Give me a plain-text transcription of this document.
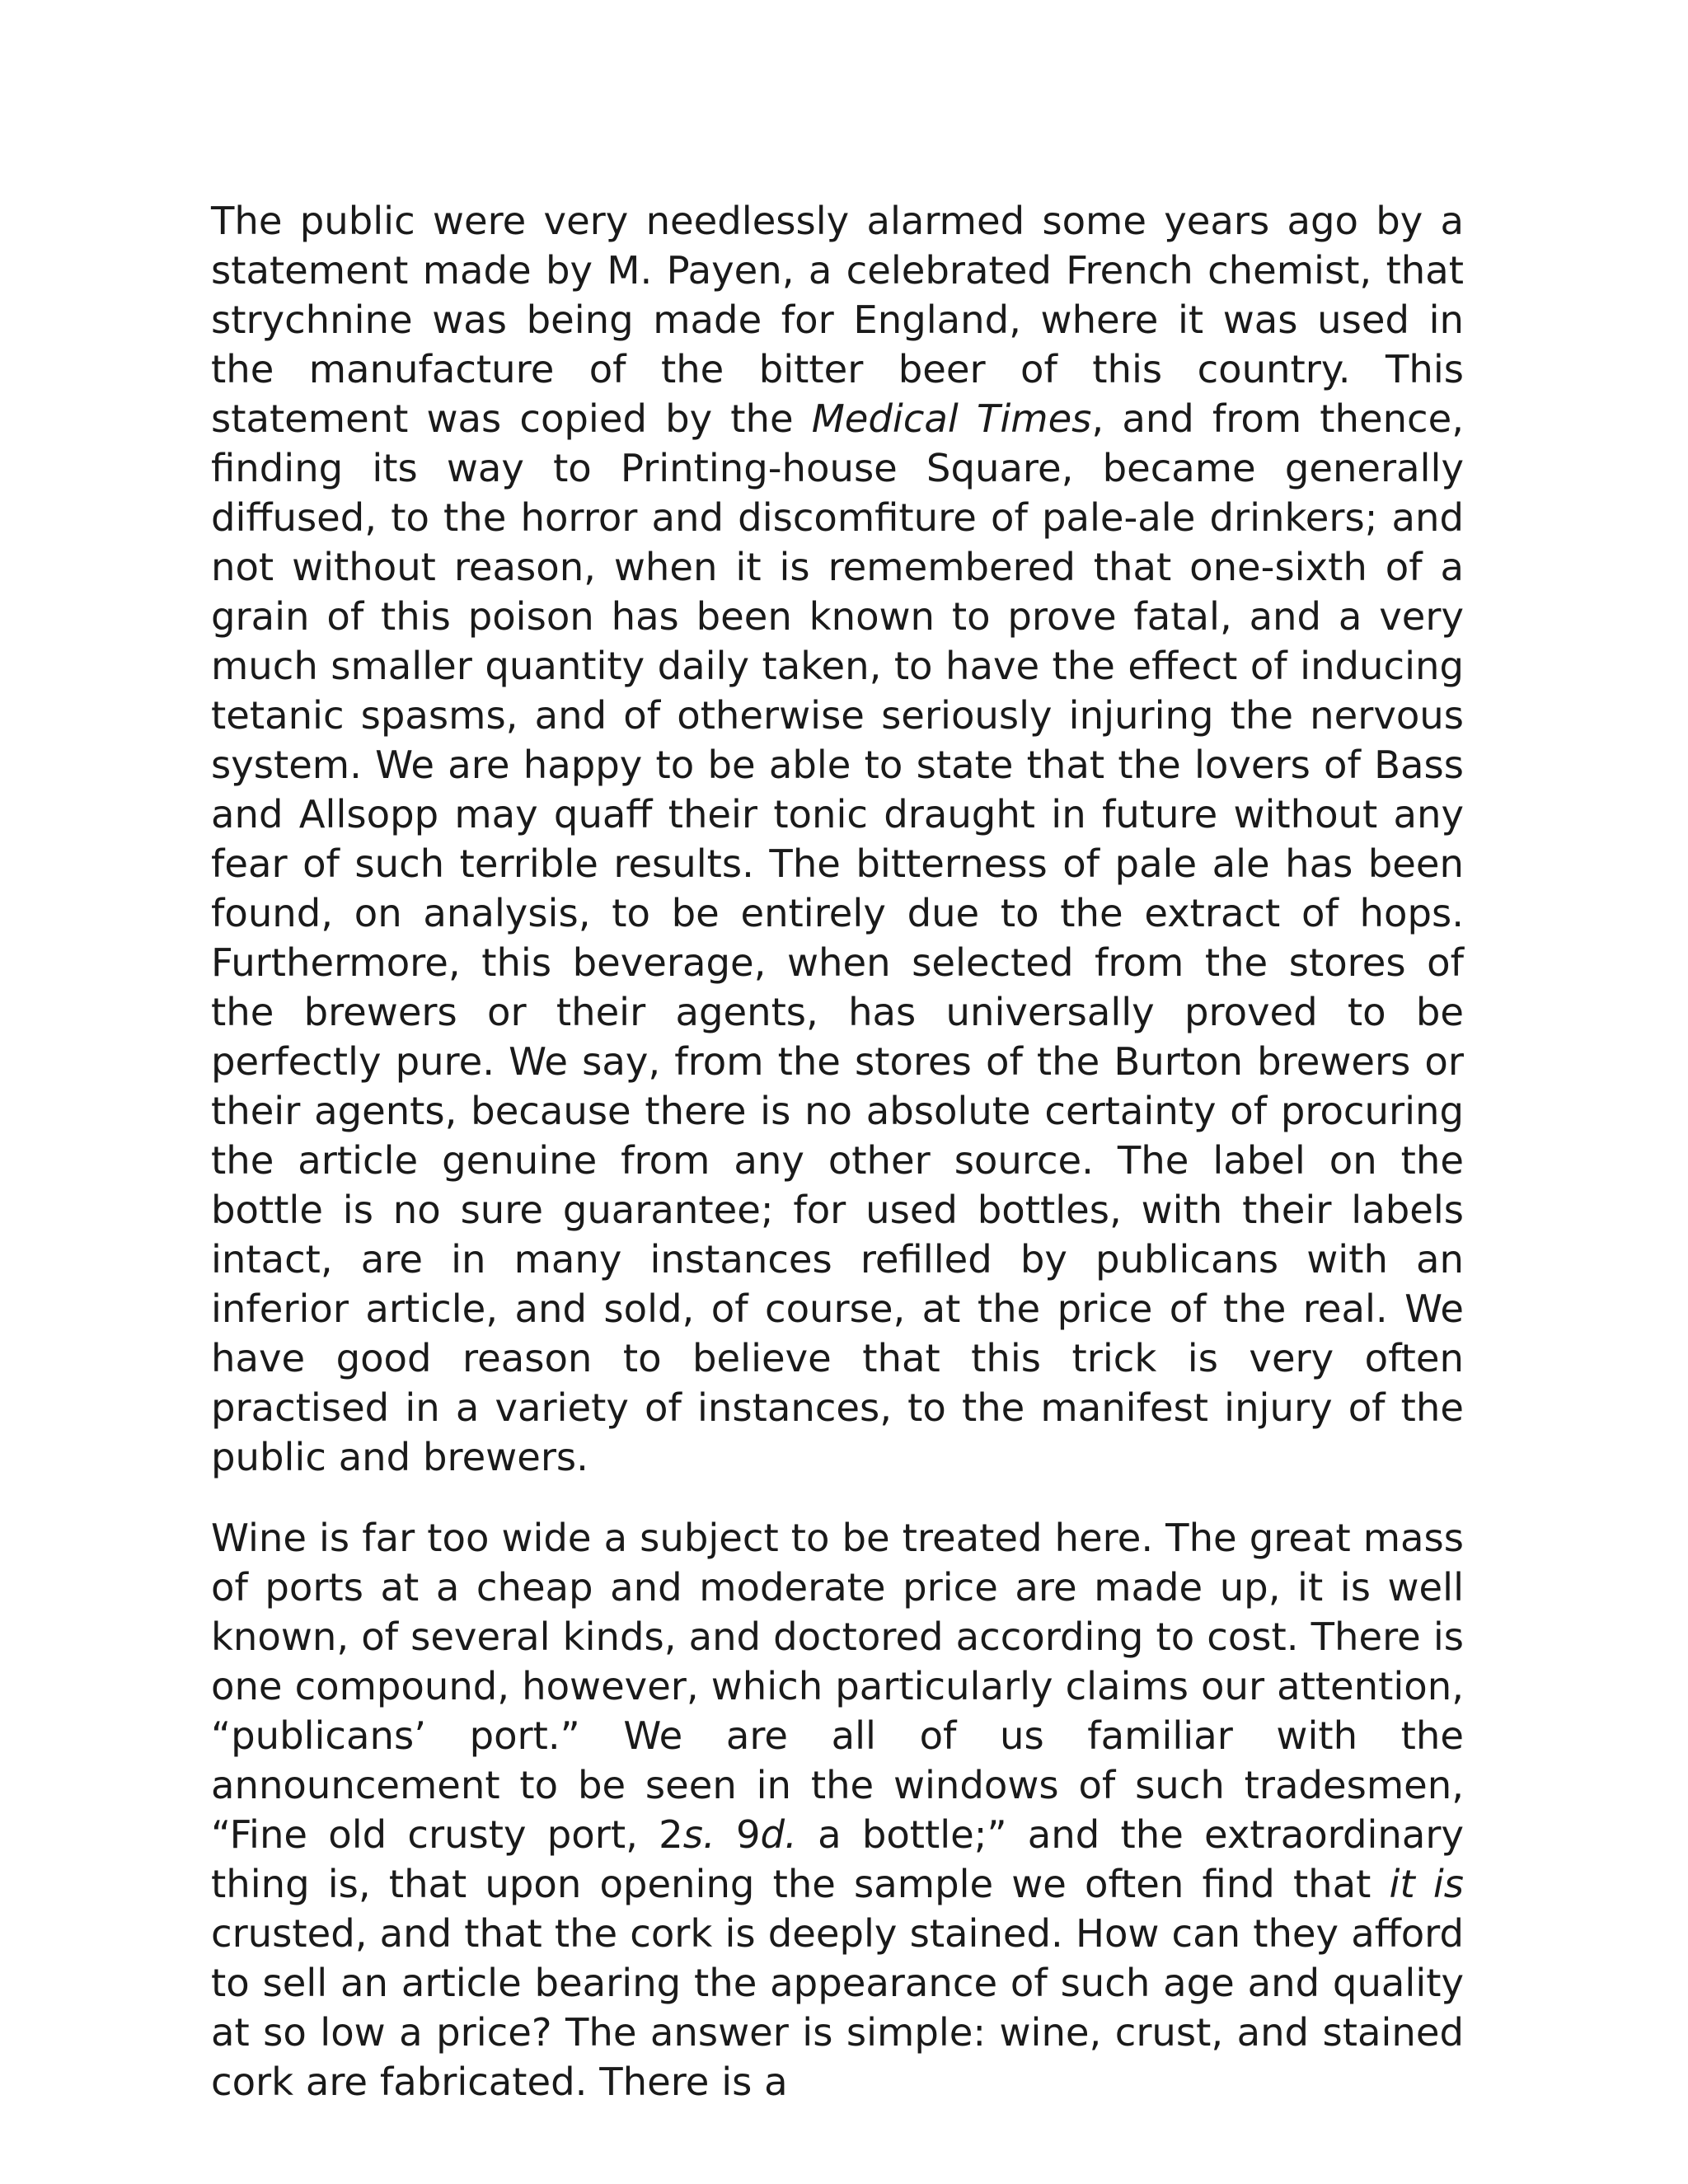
The public were very needlessly alarmed some years ago by a statement made by M. Payen, a celebrated French chemist, that strychnine was being made for England, where it was used in the manufacture of the bitter beer of this country. This statement was copied by the Medical Times, and from thence, finding its way to Printing-house Square, became generally diffused, to the horror and discomfiture of pale-ale drinkers; and not without reason, when it is remembered that one-sixth of a grain of this poison has been known to prove fatal, and a very much smaller quantity daily taken, to have the effect of inducing tetanic spasms, and of otherwise seriously injuring the nervous system. We are happy to be able to state that the lovers of Bass and Allsopp may quaff their tonic draught in future without any fear of such terrible results. The bitterness of pale ale has been found, on analysis, to be entirely due to the extract of hops. Furthermore, this beverage, when selected from the stores of the brewers or their agents, has universally proved to be perfectly pure. We say, from the stores of the Burton brewers or their agents, because there is no absolute certainty of procuring the article genuine from any other source. The label on the bottle is no sure guarantee; for used bottles, with their labels intact, are in many instances refilled by publicans with an inferior article, and sold, of course, at the price of the real. We have good reason to believe that this trick is very often practised in a variety of instances, to the manifest injury of the public and brewers.

Wine is far too wide a subject to be treated here. The great mass of ports at a cheap and moderate price are made up, it is well known, of several kinds, and doctored according to cost. There is one compound, however, which particularly claims our attention, “publicans’ port.” We are all of us familiar with the announcement to be seen in the windows of such tradesmen, “Fine old crusty port, 2s. 9d. a bottle;” and the extraordinary thing is, that upon opening the sample we often find that it is crusted, and that the cork is deeply stained. How can they afford to sell an article bearing the appearance of such age and quality at so low a price? The answer is simple: wine, crust, and stained cork are fabricated. There is a
